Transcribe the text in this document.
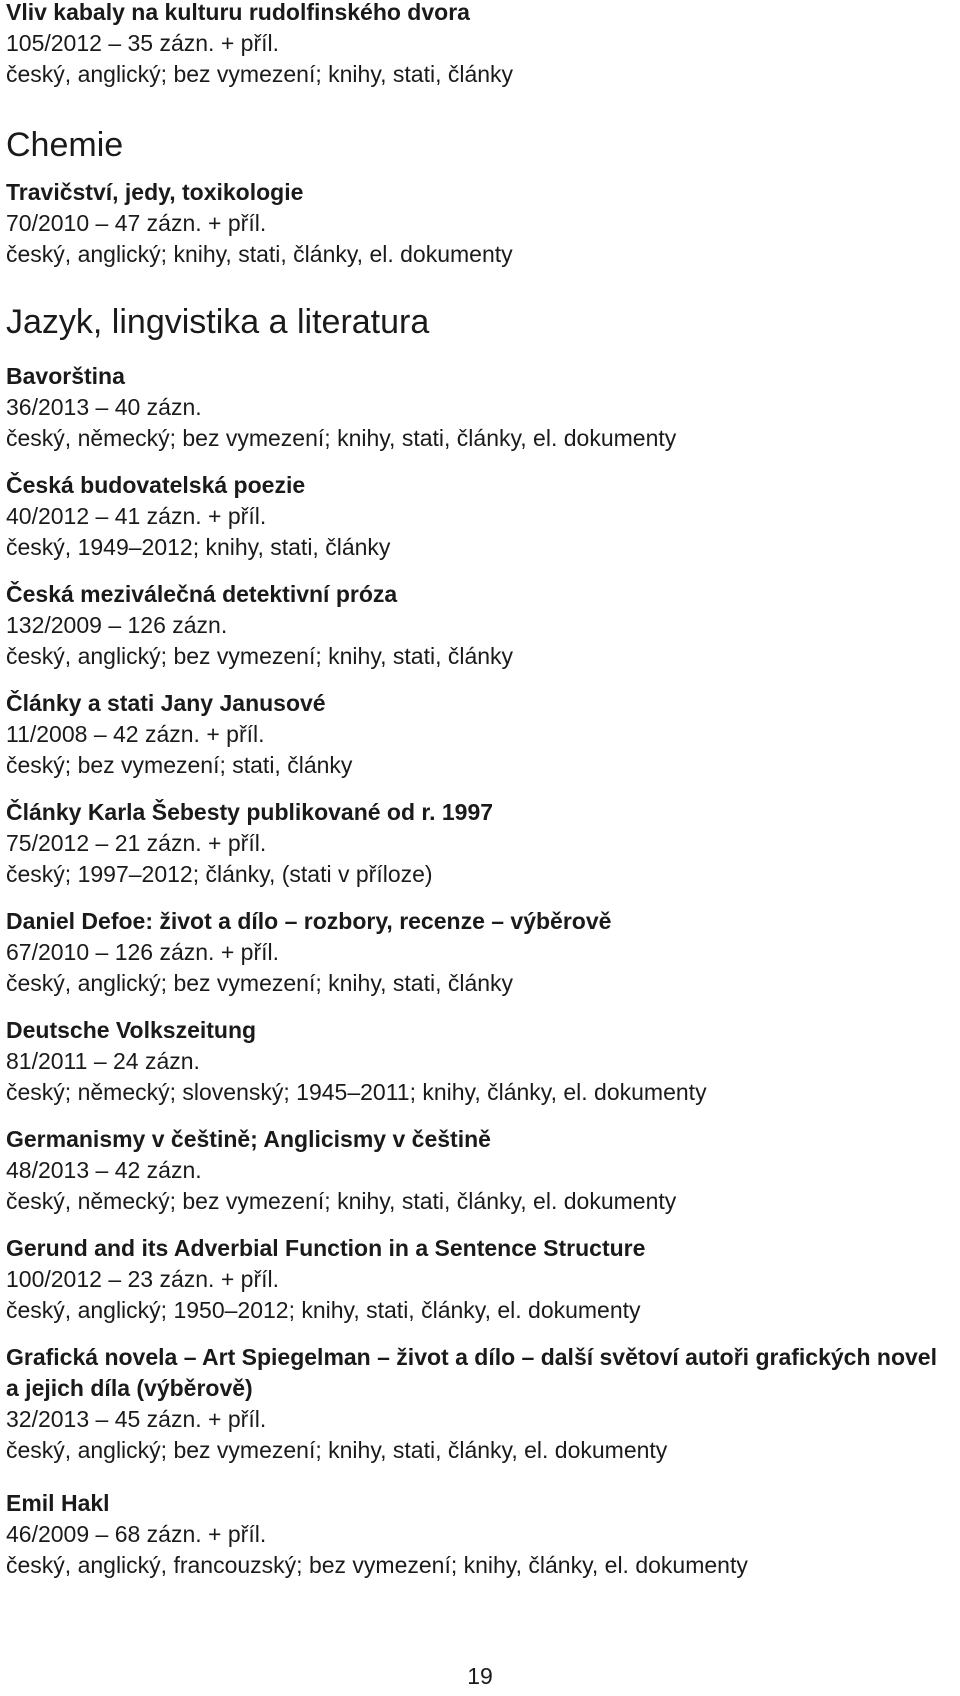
Vliv kabaly na kulturu rudolfinského dvora

105/2012 – 35 zázn. + příl.

český, anglický; bez vymezení; knihy, stati, články

Chemie

Travičství, jedy, toxikologie

70/2010 – 47 zázn. + příl.

český, anglický; knihy, stati, články, el. dokumenty

Jazyk, lingvistika a literatura

Bavorština

36/2013 – 40 zázn.

český, německý; bez vymezení; knihy, stati, články, el. dokumenty

Česká budovatelská poezie

40/2012 – 41 zázn. + příl.

český, 1949–2012; knihy, stati, články

Česká meziválečná detektivní próza

132/2009 – 126 zázn.

český, anglický; bez vymezení; knihy, stati, články

Články a stati Jany Janusové

11/2008 – 42 zázn. + příl.

český; bez vymezení; stati, články

Články Karla Šebesty publikované od r. 1997

75/2012 – 21 zázn. + příl.

český; 1997–2012; články, (stati v příloze)

Daniel Defoe: život a dílo – rozbory, recenze – výběrově

67/2010 – 126 zázn. + příl.

český, anglický; bez vymezení; knihy, stati, články

Deutsche Volkszeitung

81/2011 – 24 zázn.

český; německý; slovenský; 1945–2011; knihy, články, el. dokumenty

Germanismy v češtině; Anglicismy v češtině

48/2013 – 42 zázn.

český, německý; bez vymezení; knihy, stati, články, el. dokumenty

Gerund and its Adverbial Function in a Sentence Structure

100/2012 – 23 zázn. + příl.

český, anglický; 1950–2012; knihy, stati, články, el. dokumenty

Grafická novela – Art Spiegelman – život a dílo – další světoví autoři grafických novel a jejich díla (výběrově)

32/2013 – 45 zázn. + příl.

český, anglický; bez vymezení; knihy, stati, články, el. dokumenty

Emil Hakl

46/2009 – 68 zázn. + příl.

český, anglický, francouzský; bez vymezení; knihy, články, el. dokumenty

19
